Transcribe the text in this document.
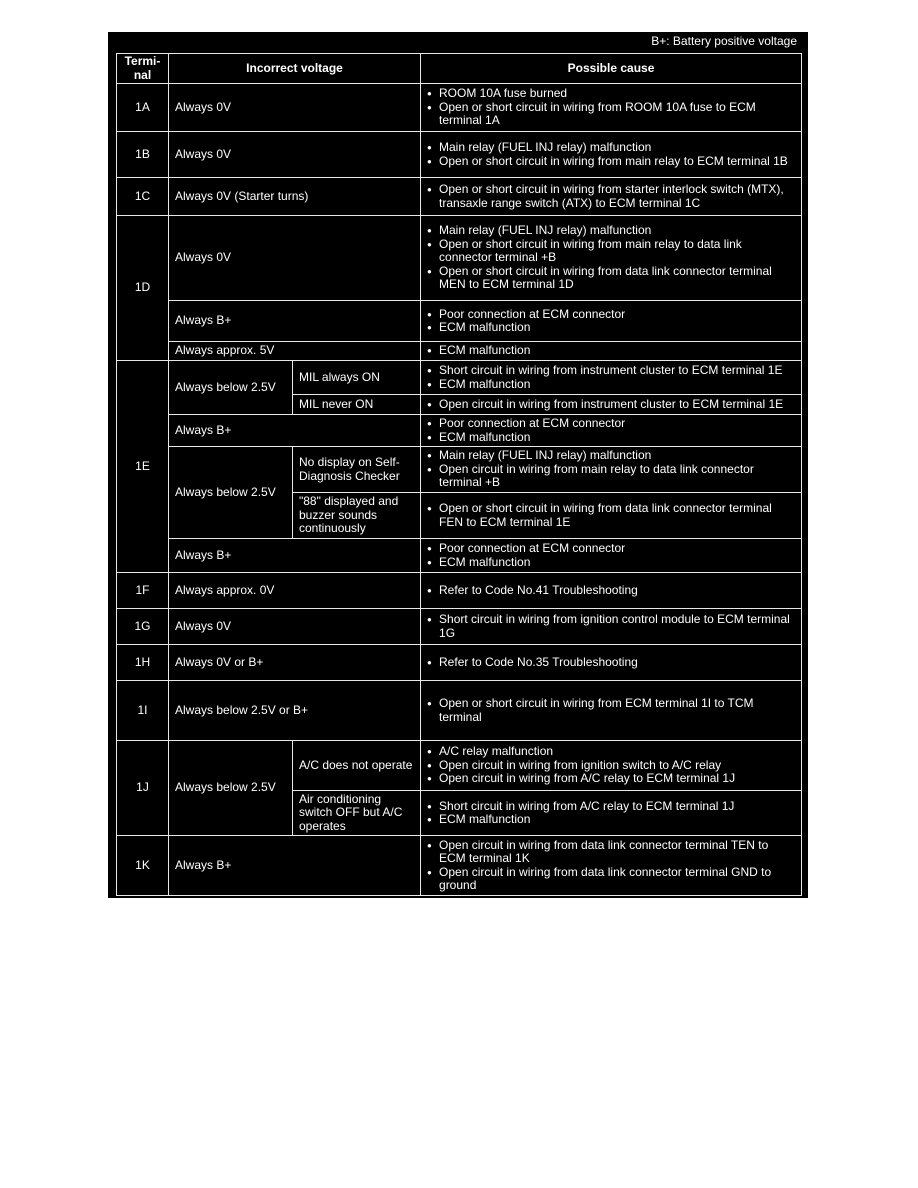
B+: Battery positive voltage
Termi-
nal	Incorrect voltage		Possible cause
1A	Always 0V	
● ROOM 10A fuse burned
● Open or short circuit in wiring from ROOM 10A fuse to ECM terminal 1A

1B	Always 0V	
●Main relay (FUEL INJ relay) malfunction
● Open or short circuit in wiring from main relay to ECM terminal 1B

1C	Always 0V (Starter turns)	
●Open or short circuit in wiring from starter interlock switch (MTX), transaxle range switch (ATX) to ECM terminal 1C

1D	Always 0V	
● Main relay (FUEL INJ relay) malfunction
● Open or short circuit in wiring from main relay to data link connector terminal +B
● Open or short circuit in wiring from data link connector terminal MEN to ECM terminal 1D

Always B+	
●Poor connection at ECM connector
● ECM malfunction

Always approx. 5V	
●ECM malfunction

1E	Always below 2.5V	MIL always ON	
●Short circuit in wiring from instrument cluster to ECM terminal 1E
● ECM malfunction

MIL never ON	
●Open circuit in wiring from instrument cluster to ECM terminal 1E

Always B+	
●Poor connection at ECM connector
● ECM malfunction

Always below 2.5V	No display on Self-Diagnosis Checker	
● Main relay (FUEL INJ relay) malfunction
● Open circuit in wiring from main relay to data link connector terminal +B

"88" displayed and buzzer sounds continuously	
● Open or short circuit in wiring from data link connector terminal FEN to ECM terminal 1E

Always B+	
●Poor connection at ECM connector
● ECM malfunction

1F	Always approx. 0V	
●Refer to Code No.41 Troubleshooting

1G	Always 0V	
●Short circuit in wiring from ignition control module to ECM terminal 1G

1H	Always 0V or B+	
●Refer to Code No.35 Troubleshooting

1I	Always below 2.5V or B+	
●Open or short circuit in wiring from ECM terminal 1I to TCM terminal

1J	Always below 2.5V	A/C does not operate	
● A/C relay malfunction
● Open circuit in wiring from ignition switch to A/C relay
● Open circuit in wiring from A/C relay to ECM terminal 1J

Air conditioning switch OFF but A/C operates	
● Short circuit in wiring from A/C relay to ECM terminal 1J
● ECM malfunction

1K	Always B+	
● Open circuit in wiring from data link connector terminal TEN to ECM terminal 1K
● Open circuit in wiring from data link connector terminal GND to ground
